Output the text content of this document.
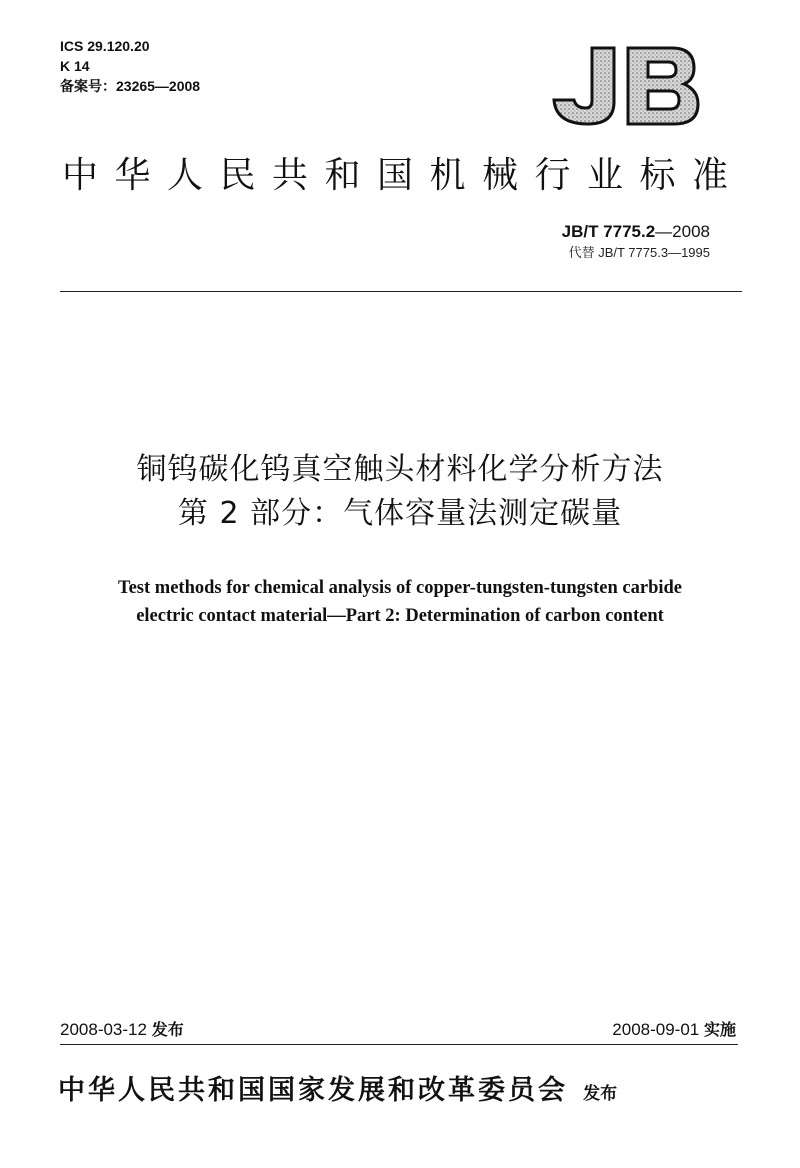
ICS 29.120.20
K 14
备案号：23265—2008
中华人民共和国机械行业标准
JB/T 7775.2—2008
代替 JB/T 7775.3—1995
铜钨碳化钨真空触头材料化学分析方法
第 2 部分：气体容量法测定碳量
Test methods for chemical analysis of copper-tungsten-tungsten carbide
electric contact material—Part 2: Determination of carbon content
2008-03-12 发布	2008-09-01 实施
中华人民共和国国家发展和改革委员会 发布
